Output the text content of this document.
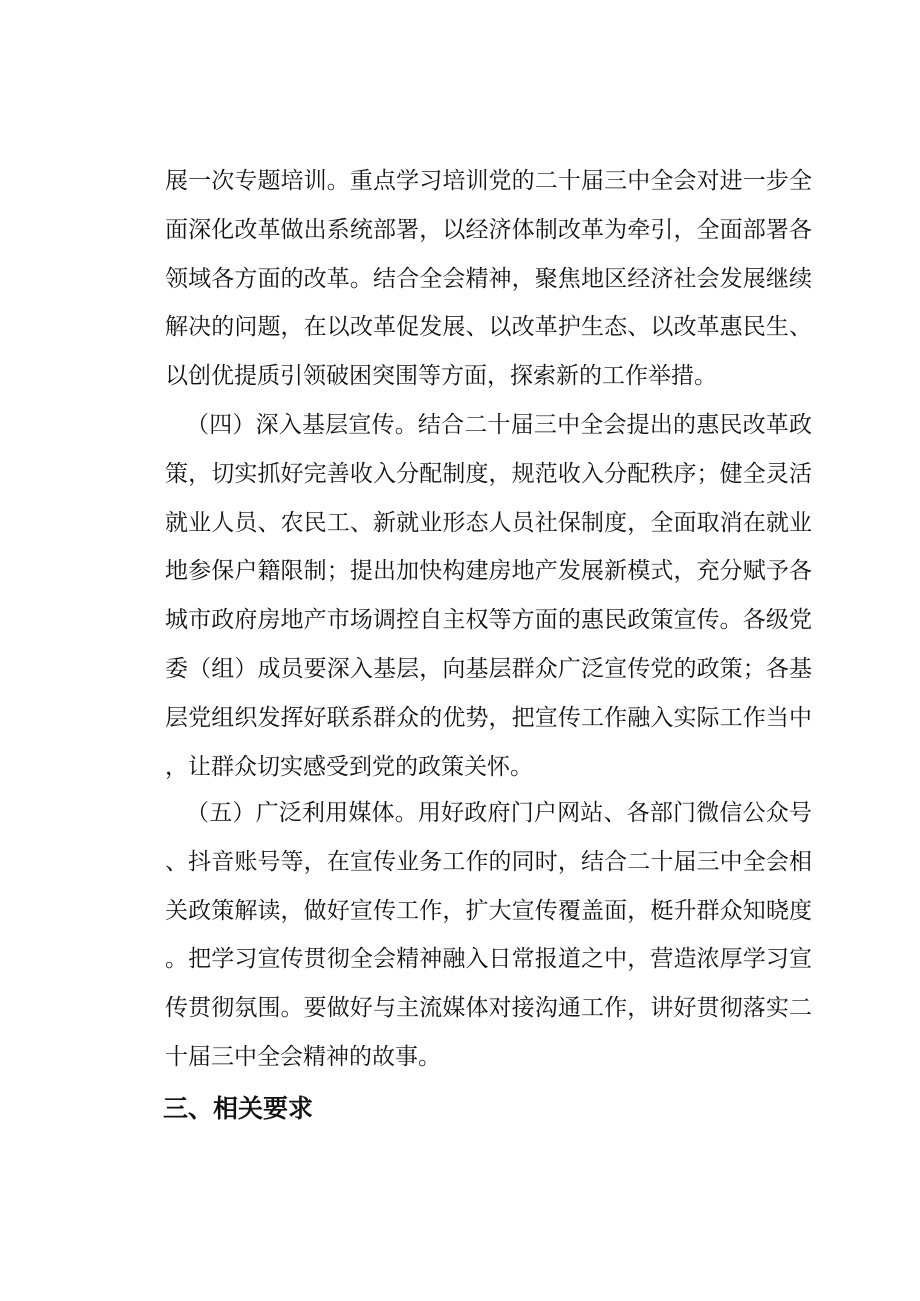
展一次专题培训。重点学习培训党的二十届三中全会对进一步全面深化改革做出系统部署，以经济体制改革为牵引，全面部署各领域各方面的改革。结合全会精神，聚焦地区经济社会发展继续解决的问题，在以改革促发展、以改革护生态、以改革惠民生、以创优提质引领破困突围等方面，探索新的工作举措。

（四）深入基层宣传。结合二十届三中全会提出的惠民改革政策，切实抓好完善收入分配制度，规范收入分配秩序；健全灵活就业人员、农民工、新就业形态人员社保制度，全面取消在就业地参保户籍限制；提出加快构建房地产发展新模式，充分赋予各城市政府房地产市场调控自主权等方面的惠民政策宣传。各级党委（组）成员要深入基层，向基层群众广泛宣传党的政策；各基层党组织发挥好联系群众的优势，把宣传工作融入实际工作当中，让群众切实感受到党的政策关怀。

（五）广泛利用媒体。用好政府门户网站、各部门微信公众号、抖音账号等，在宣传业务工作的同时，结合二十届三中全会相关政策解读，做好宣传工作，扩大宣传覆盖面，梃升群众知晓度。把学习宣传贯彻全会精神融入日常报道之中，营造浓厚学习宣传贯彻氛围。要做好与主流媒体对接沟通工作，讲好贯彻落实二十届三中全会精神的故事。

三、相关要求
